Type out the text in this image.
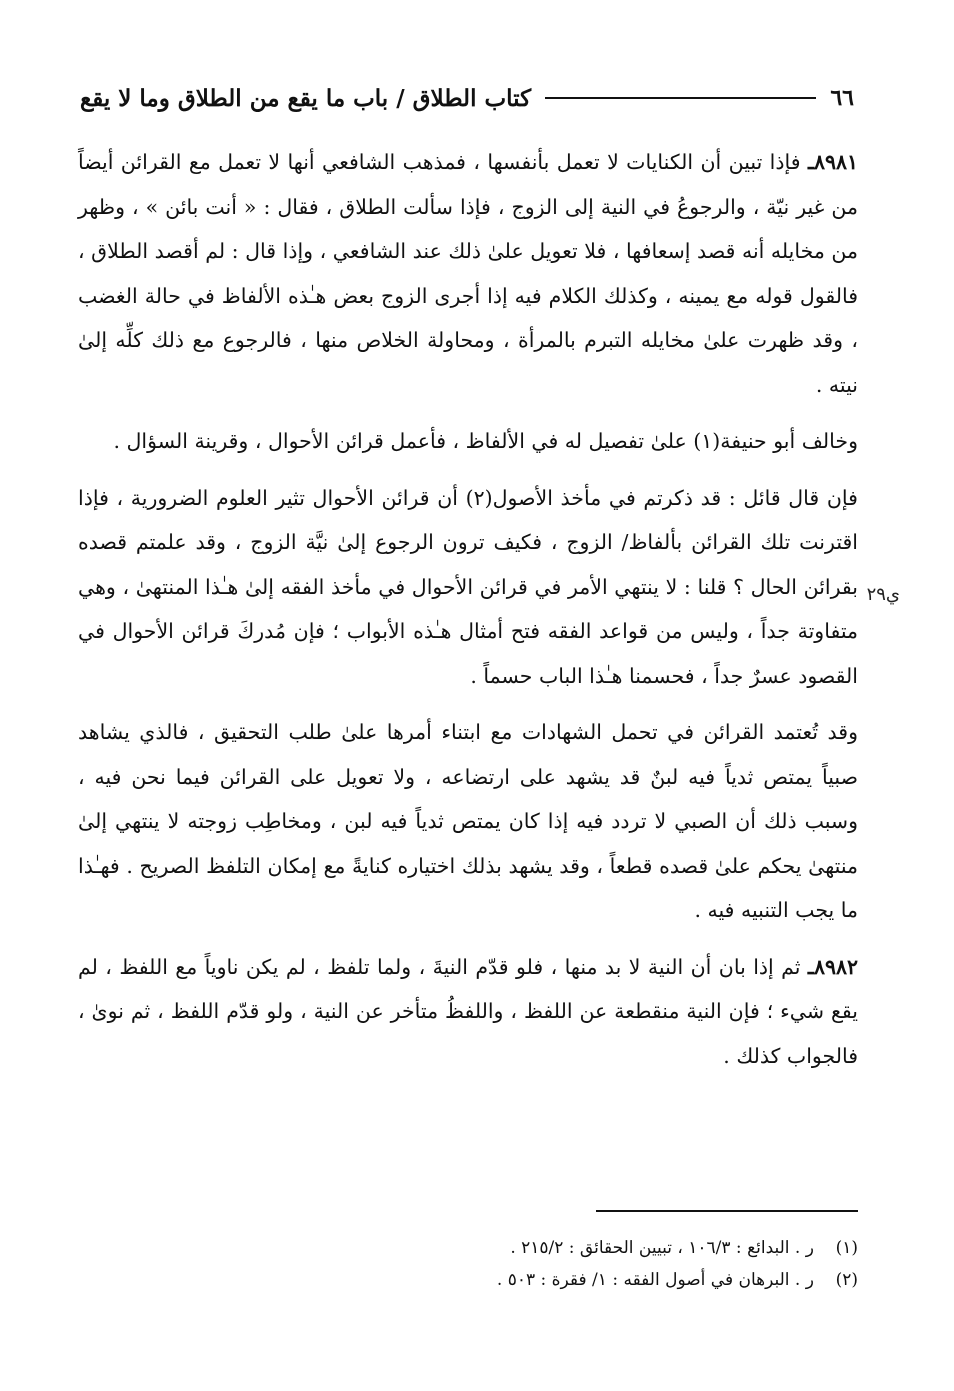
٦٦
كتاب الطلاق / باب ما يقع من الطلاق وما لا يقع
ي٢٩

٨٩٨١ـ فإذا تبين أن الكنايات لا تعمل بأنفسها ، فمذهب الشافعي أنها لا تعمل مع القرائن أيضاً من غير نيّة ، والرجوعُ في النية إلى الزوج ، فإذا سألت الطلاق ، فقال : « أنت بائن » ، وظهر من مخايله أنه قصد إسعافها ، فلا تعويل علىٰ ذلك عند الشافعي ، وإذا قال : لم أقصد الطلاق ، فالقول قوله مع يمينه ، وكذلك الكلام فيه إذا أجرى الزوج بعض هـٰذه الألفاظ في حالة الغضب ، وقد ظهرت علىٰ مخايله التبرم بالمرأة ، ومحاولة الخلاص منها ، فالرجوع مع ذلك كلِّه إلىٰ نيته .

وخالف أبو حنيفة(١) علىٰ تفصيل له في الألفاظ ، فأعمل قرائن الأحوال ، وقرينة السؤال .

فإن قال قائل : قد ذكرتم في مأخذ الأصول(٢) أن قرائن الأحوال تثير العلوم الضرورية ، فإذا اقترنت تلك القرائن بألفاظ/ الزوج ، فكيف ترون الرجوع إلىٰ نيَّة الزوج ، وقد علمتم قصده بقرائن الحال ؟ قلنا : لا ينتهي الأمر في قرائن الأحوال في مأخذ الفقه إلىٰ هـٰذا المنتهىٰ ، وهي متفاوتة جداً ، وليس من قواعد الفقه فتح أمثال هـٰذه الأبواب ؛ فإن مُدركَ قرائن الأحوال في القصود عسرٌ جداً ، فحسمنا هـٰذا الباب حسماً .

وقد تُعتمد القرائن في تحمل الشهادات مع ابتناء أمرها علىٰ طلب التحقيق ، فالذي يشاهد صبياً يمتص ثدياً فيه لبنٌ قد يشهد على ارتضاعه ، ولا تعويل على القرائن فيما نحن فيه ، وسبب ذلك أن الصبي لا تردد فيه إذا كان يمتص ثدياً فيه لبن ، ومخاطِب زوجته لا ينتهي إلىٰ منتهىٰ يحكم علىٰ قصده قطعاً ، وقد يشهد بذلك اختياره كنايةً مع إمكان التلفظ الصريح . فهـٰذا ما يجب التنبيه فيه .

٨٩٨٢ـ ثم إذا بان أن النية لا بد منها ، فلو قدّم النيةَ ، ولما تلفظ ، لم يكن ناوياً مع اللفظ ، لم يقع شيء ؛ فإن النية منقطعة عن اللفظ ، واللفظُ متأخر عن النية ، ولو قدّم اللفظ ، ثم نوىٰ ، فالجواب كذلك .

(١)    ر . البدائع : ١٠٦/٣ ، تبيين الحقائق : ٢١٥/٢ .
(٢)    ر . البرهان في أصول الفقه : ١/ فقرة : ٥٠٣ .
